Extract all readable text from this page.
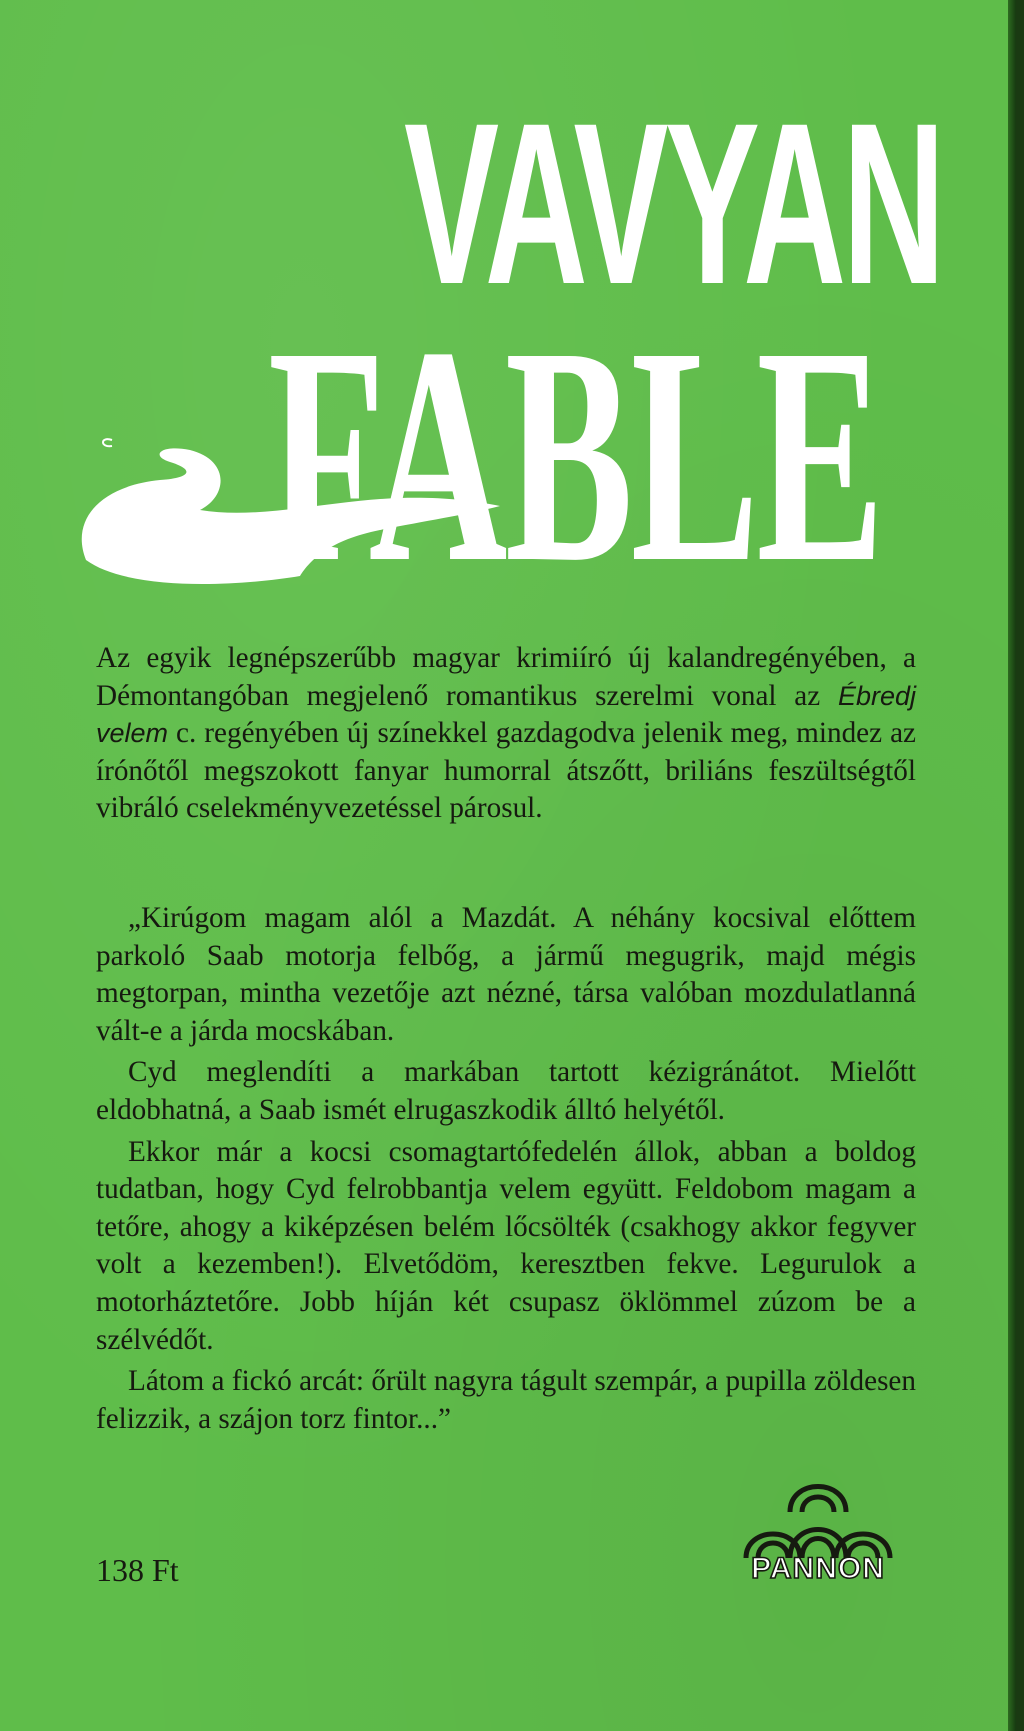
VAVYAN
FABLE

Az egyik legnépszerűbb magyar krimiíró új kalandregényében, a Démontangóban megjelenő romantikus szerelmi vonal az Ébredj velem c. regényében új színekkel gazdagodva jelenik meg, mindez az írónőtől megszokott fanyar humorral átszőtt, briliáns feszültségtől vibráló cselekményvezetéssel párosul.

„Kirúgom magam alól a Mazdát. A néhány kocsival előttem parkoló Saab motorja felbőg, a jármű megugrik, majd mégis megtorpan, mintha vezetője azt nézné, társa valóban mozdulatlanná vált-e a járda mocskában.

Cyd meglendíti a markában tartott kézigránátot. Mielőtt eldobhatná, a Saab ismét elrugaszkodik álltó helyétől.

Ekkor már a kocsi csomagtartófedelén állok, abban a boldog tudatban, hogy Cyd felrobbantja velem együtt. Feldobom magam a tetőre, ahogy a kiképzésen belém lőcsölték (csakhogy akkor fegyver volt a kezemben!). Elvetődöm, keresztben fekve. Legurulok a motorháztetőre. Jobb híján két csupasz öklömmel zúzom be a szélvédőt.

Látom a fickó arcát: őrült nagyra tágult szempár, a pupilla zöldesen felizzik, a szájon torz fintor...”

138 Ft	PANNON
